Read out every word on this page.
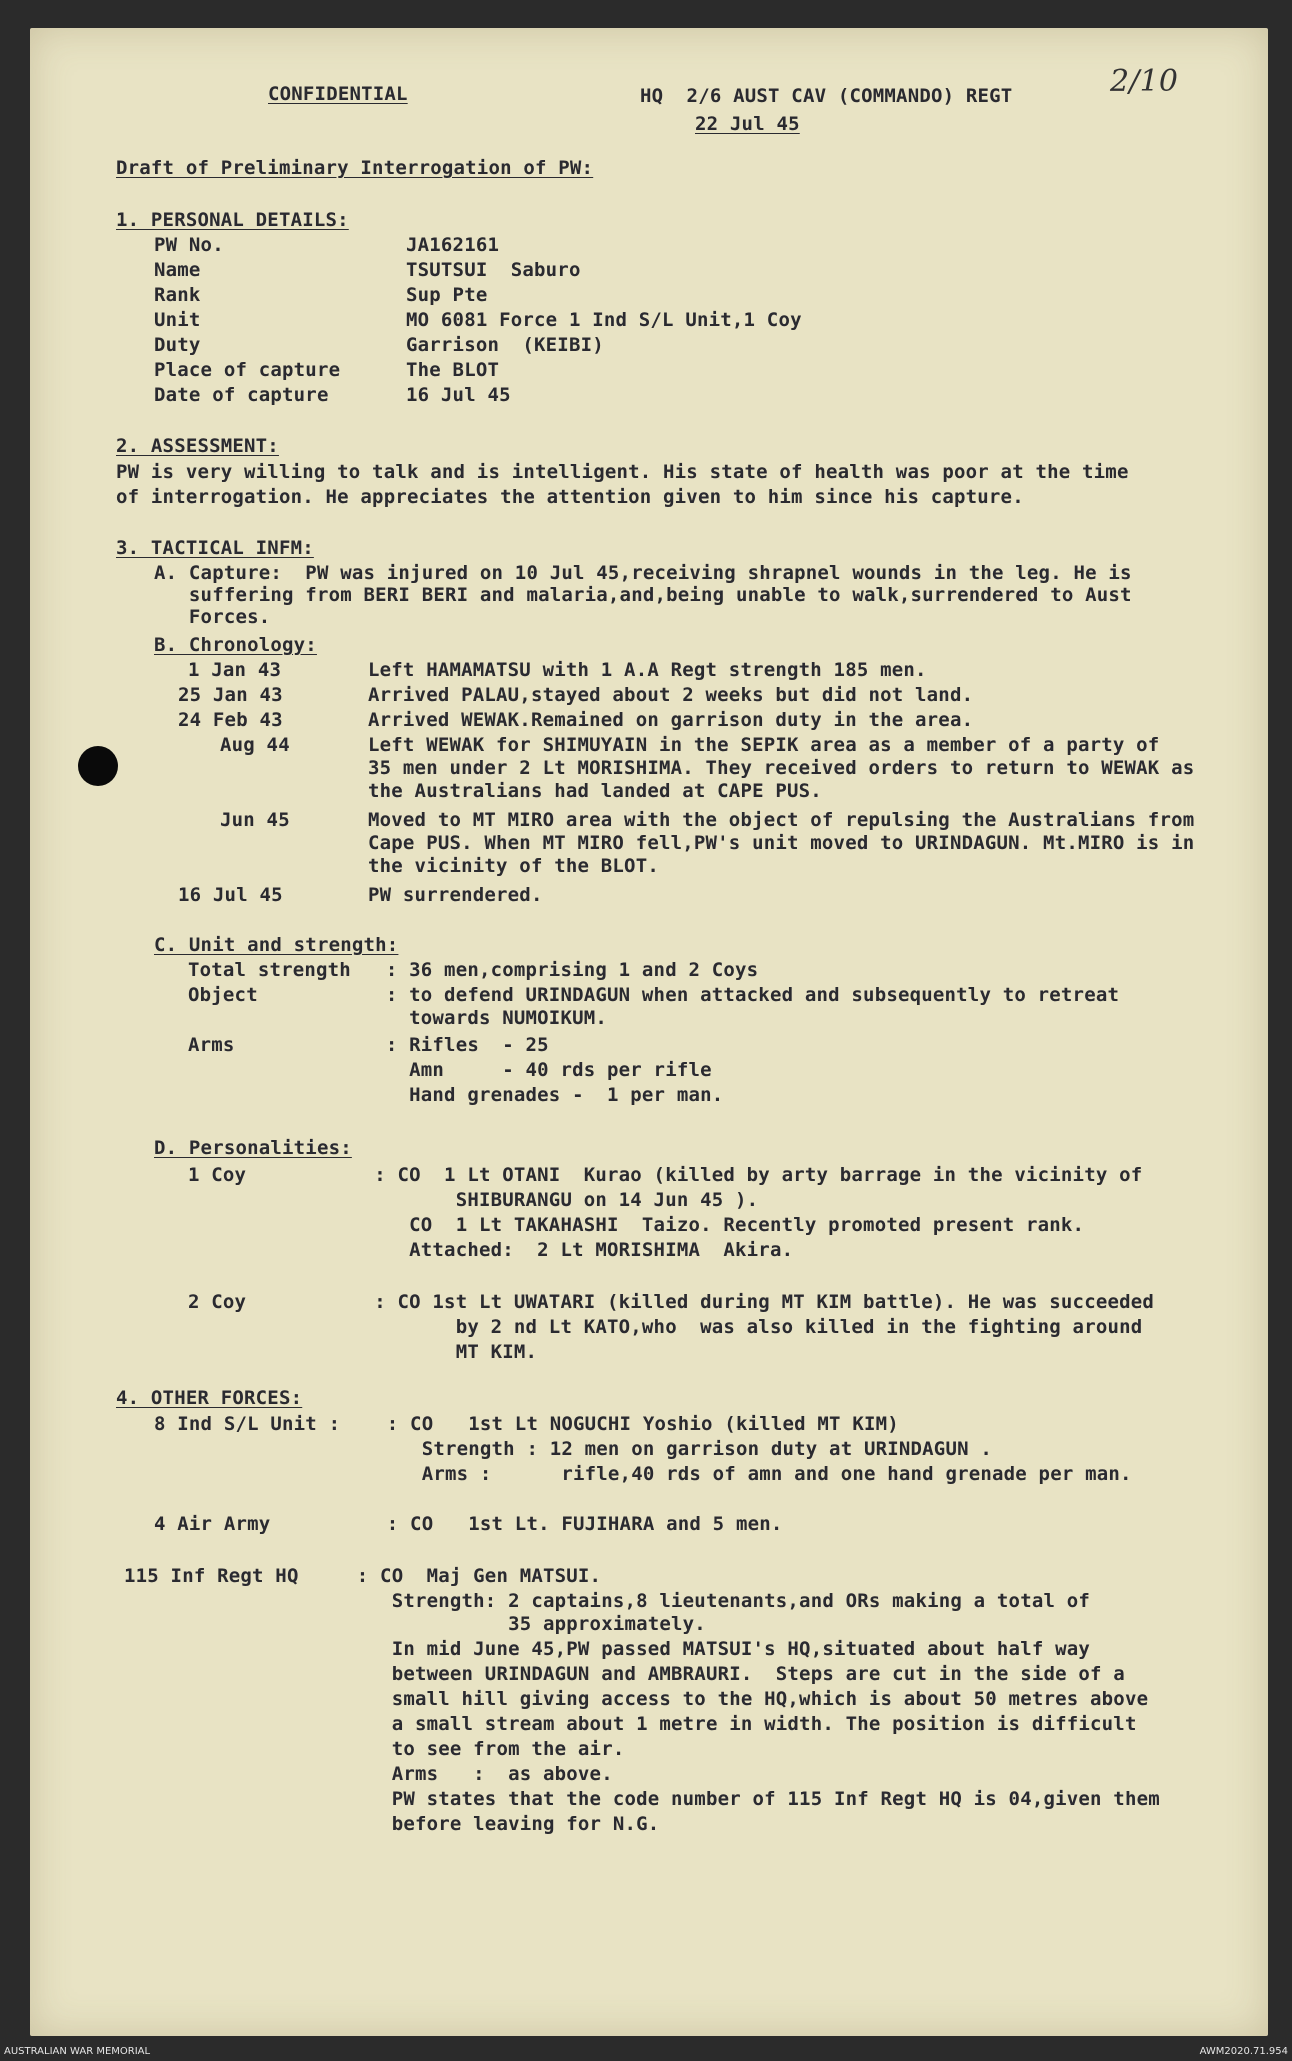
CONFIDENTIAL	HQ  2/6 AUST CAV (COMMANDO) REGT
22 Jul 45
2/10
Draft of Preliminary Interrogation of PW:
1. PERSONAL DETAILS:
PW No.	JA162161
Name	TSUTSUI  Saburo
Rank	Sup Pte
Unit	MO 6081 Force 1 Ind S/L Unit,1 Coy
Duty	Garrison  (KEIBI)
Place of capture	The BLOT
Date of capture	16 Jul 45
2. ASSESSMENT:
PW is very willing to talk and is intelligent. His state of health was poor at the time
of interrogation. He appreciates the attention given to him since his capture.
3. TACTICAL INFM:
A. Capture:  PW was injured on 10 Jul 45,receiving shrapnel wounds in the leg. He is
suffering from BERI BERI and malaria,and,being unable to walk,surrendered to Aust
Forces.
B. Chronology:
1 Jan 43	Left HAMAMATSU with 1 A.A Regt strength 185 men.
25 Jan 43	Arrived PALAU,stayed about 2 weeks but did not land.
24 Feb 43	Arrived WEWAK.Remained on garrison duty in the area.
Aug 44	Left WEWAK for SHIMUYAIN in the SEPIK area as a member of a party of
35 men under 2 Lt MORISHIMA. They received orders to return to WEWAK as
the Australians had landed at CAPE PUS.
Jun 45	Moved to MT MIRO area with the object of repulsing the Australians from
Cape PUS. When MT MIRO fell,PW's unit moved to URINDAGUN. Mt.MIRO is in
the vicinity of the BLOT.
16 Jul 45	PW surrendered.
C. Unit and strength:
Total strength   : 36 men,comprising 1 and 2 Coys
Object           : to defend URINDAGUN when attacked and subsequently to retreat
towards NUMOIKUM.
Arms             : Rifles  - 25
Amn     - 40 rds per rifle
Hand grenades -  1 per man.
D. Personalities:
1 Coy           : CO  1 Lt OTANI  Kurao (killed by arty barrage in the vicinity of
SHIBURANGU on 14 Jun 45 ).
CO  1 Lt TAKAHASHI  Taizo. Recently promoted present rank.
Attached:  2 Lt MORISHIMA  Akira.
2 Coy           : CO 1st Lt UWATARI (killed during MT KIM battle). He was succeeded
by 2 nd Lt KATO,who  was also killed in the fighting around
MT KIM.
4. OTHER FORCES:
8 Ind S/L Unit :    : CO   1st Lt NOGUCHI Yoshio (killed MT KIM)
Strength : 12 men on garrison duty at URINDAGUN .
Arms :      rifle,40 rds of amn and one hand grenade per man.
4 Air Army          : CO   1st Lt. FUJIHARA and 5 men.
115 Inf Regt HQ     : CO  Maj Gen MATSUI.
Strength: 2 captains,8 lieutenants,and ORs making a total of
35 approximately.
In mid June 45,PW passed MATSUI's HQ,situated about half way
between URINDAGUN and AMBRAURI.  Steps are cut in the side of a
small hill giving access to the HQ,which is about 50 metres above
a small stream about 1 metre in width. The position is difficult
to see from the air.
Arms   :  as above.
PW states that the code number of 115 Inf Regt HQ is 04,given them
before leaving for N.G.
AUSTRALIAN WAR MEMORIAL	AWM2020.71.954
